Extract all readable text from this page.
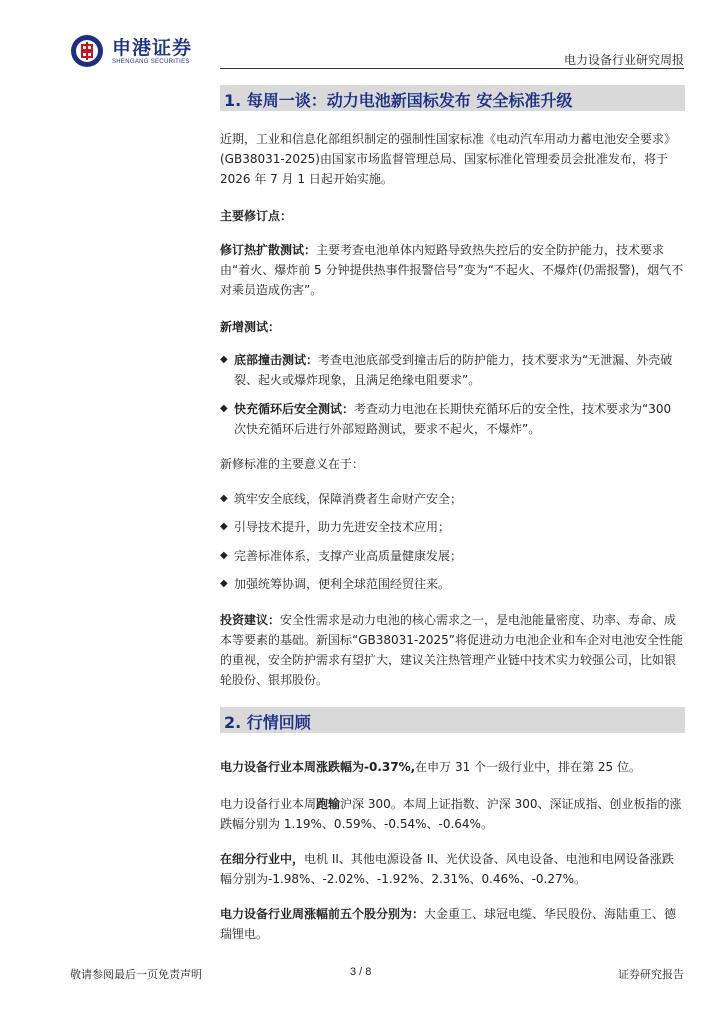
申港证券
SHENGANG SECURITIES	电力设备行业研究周报
1. 每周一谈：动力电池新国标发布 安全标准升级
近期，工业和信息化部组织制定的强制性国家标准《电动汽车用动力蓄电池安全要求》(GB38031-2025)由国家市场监督管理总局、国家标准化管理委员会批准发布，将于 2026 年 7 月 1 日起开始实施。
主要修订点：
修订热扩散测试：主要考查电池单体内短路导致热失控后的安全防护能力，技术要求由“着火、爆炸前 5 分钟提供热事件报警信号”变为“不起火、不爆炸(仍需报警)，烟气不对乘员造成伤害”。
新增测试：
◆ 底部撞击测试：考查电池底部受到撞击后的防护能力，技术要求为“无泄漏、外壳破裂、起火或爆炸现象，且满足绝缘电阻要求”。
◆ 快充循环后安全测试：考查动力电池在长期快充循环后的安全性，技术要求为“300 次快充循环后进行外部短路测试，要求不起火，不爆炸”。
新修标准的主要意义在于：
◆ 筑牢安全底线，保障消费者生命财产安全；
◆ 引导技术提升，助力先进安全技术应用；
◆ 完善标准体系，支撑产业高质量健康发展；
◆ 加强统筹协调，便利全球范围经贸往来。
投资建议：安全性需求是动力电池的核心需求之一，是电池能量密度、功率、寿命、成本等要素的基础。新国标“GB38031-2025”将促进动力电池企业和车企对电池安全性能的重视，安全防护需求有望扩大，建议关注热管理产业链中技术实力较强公司，比如银轮股份、银邦股份。
2. 行情回顾
电力设备行业本周涨跌幅为-0.37%,在申万 31 个一级行业中，排在第 25 位。
电力设备行业本周跑输沪深 300。本周上证指数、沪深 300、深证成指、创业板指的涨跌幅分别为 1.19%、0.59%、-0.54%、-0.64%。
在细分行业中，电机 II、其他电源设备 II、光伏设备、风电设备、电池和电网设备涨跌幅分别为-1.98%、-2.02%、-1.92%、2.31%、0.46%、-0.27%。
电力设备行业周涨幅前五个股分别为：大金重工、球冠电缆、华民股份、海陆重工、德瑞锂电。
敬请参阅最后一页免责声明	3 / 8	证券研究报告
